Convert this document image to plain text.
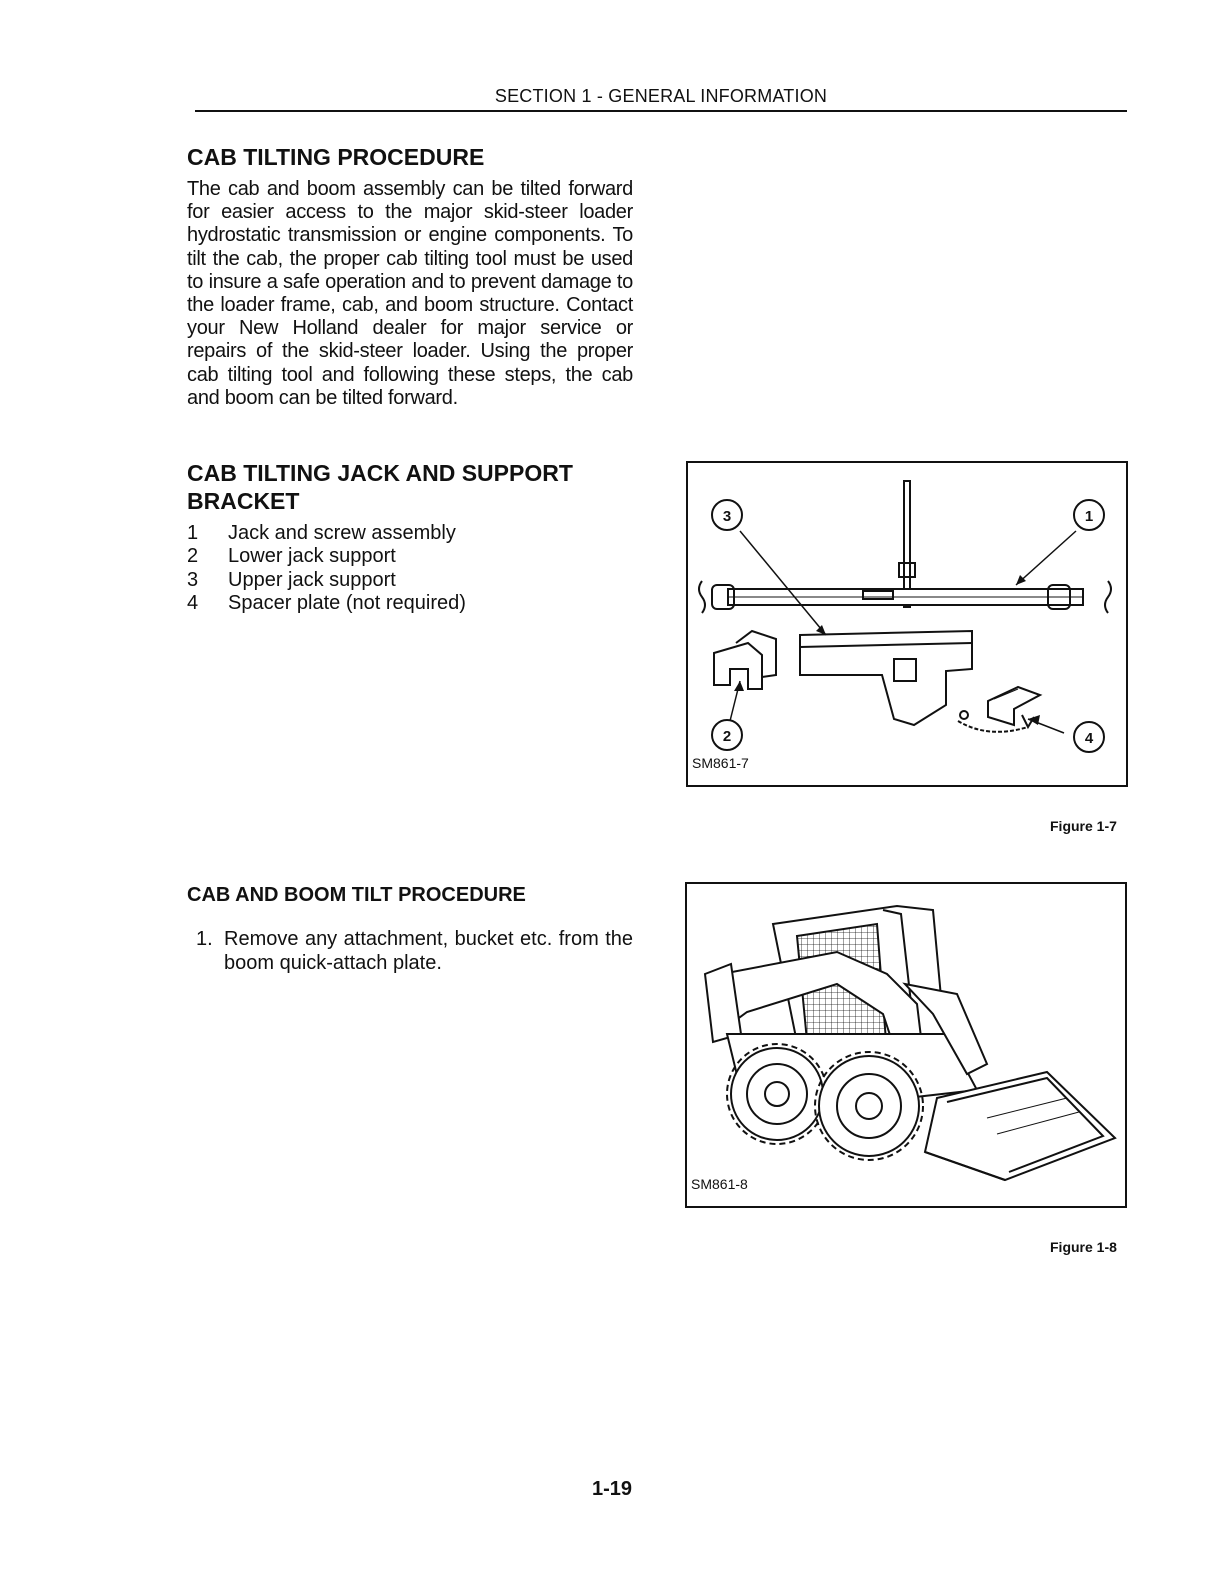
SECTION 1 - GENERAL INFORMATION
CAB TILTING PROCEDURE

The cab and boom assembly can be tilted forward for easier access to the major skid-steer loader hydrostatic transmission or engine components. To tilt the cab, the proper cab tilting tool must be used to insure a safe operation and to prevent damage to the loader frame, cab, and boom structure. Contact your New Holland dealer for major service or repairs of the skid-steer loader. Using the proper cab tilting tool and following these steps, the cab and boom can be tilted forward.

CAB TILTING JACK AND SUPPORT
BRACKET
1	Jack and screw assembly
2	Lower jack support
3	Upper jack support
4	Spacer plate (not required)
1
2
3
4
SM861-7
Figure 1-7
CAB AND BOOM TILT PROCEDURE
1. Remove any attachment, bucket etc. from the boom quick-attach plate.
SM861-8
Figure 1-8
1-19
